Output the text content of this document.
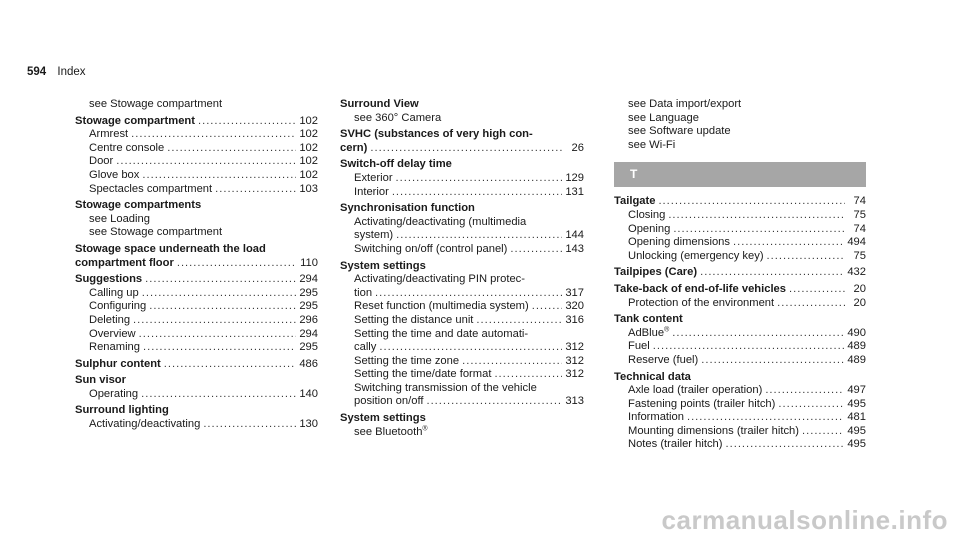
594 Index
see Stowage compartment
Stowage compartment .....	102
Armrest .....	102
Centre console .....	102
Door .....	102
Glove box .....	102
Spectacles compartment .....	103
Stowage compartments
see Loading
see Stowage compartment
Stowage space underneath the load
compartment floor .....	110
Suggestions .....	294
Calling up .....	295
Configuring .....	295
Deleting .....	296
Overview .....	294
Renaming .....	295
Sulphur content .....	486
Sun visor
Operating .....	140
Surround lighting
Activating/deactivating .....	130
Surround View
see 360° Camera
SVHC (substances of very high con-
cern) .....	26
Switch-off delay time
Exterior .....	129
Interior .....	131
Synchronisation function
Activating/deactivating (multimedia
system) .....	144
Switching on/off (control panel) .....	143
System settings
Activating/deactivating PIN protec-
tion .....	317
Reset function (multimedia system) .....	320
Setting the distance unit .....	316
Setting the time and date automati-
cally .....	312
Setting the time zone .....	312
Setting the time/date format .....	312
Switching transmission of the vehicle
position on/off .....	313
System settings
see Bluetooth®
see Data import/export
see Language
see Software update
see Wi-Fi
T
Tailgate .....	74
Closing .....	75
Opening .....	74
Opening dimensions .....	494
Unlocking (emergency key) .....	75
Tailpipes (Care) .....	432
Take-back of end-of-life vehicles .....	20
Protection of the environment .....	20
Tank content
AdBlue® .....	490
Fuel .....	489
Reserve (fuel) .....	489
Technical data
Axle load (trailer operation) .....	497
Fastening points (trailer hitch) .....	495
Information .....	481
Mounting dimensions (trailer hitch) .....	495
Notes (trailer hitch) .....	495
carmanualsonline.info
